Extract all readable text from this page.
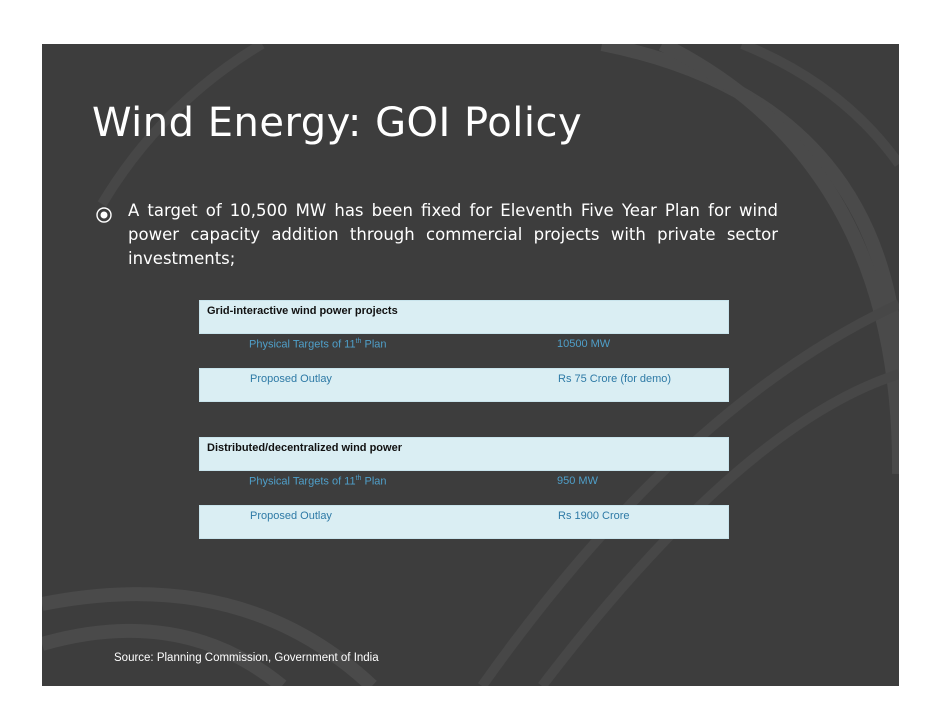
Wind Energy: GOI Policy
A target of 10,500 MW has been fixed for Eleventh Five Year Plan for wind power capacity addition through commercial projects with private sector investments;
Grid-interactive wind power projects
Physical Targets of 11th Plan	10500 MW
Proposed Outlay	Rs 75 Crore (for demo)
Distributed/decentralized wind power
Physical Targets of 11th Plan	950 MW
Proposed Outlay	Rs 1900 Crore
Source: Planning Commission, Government of India
